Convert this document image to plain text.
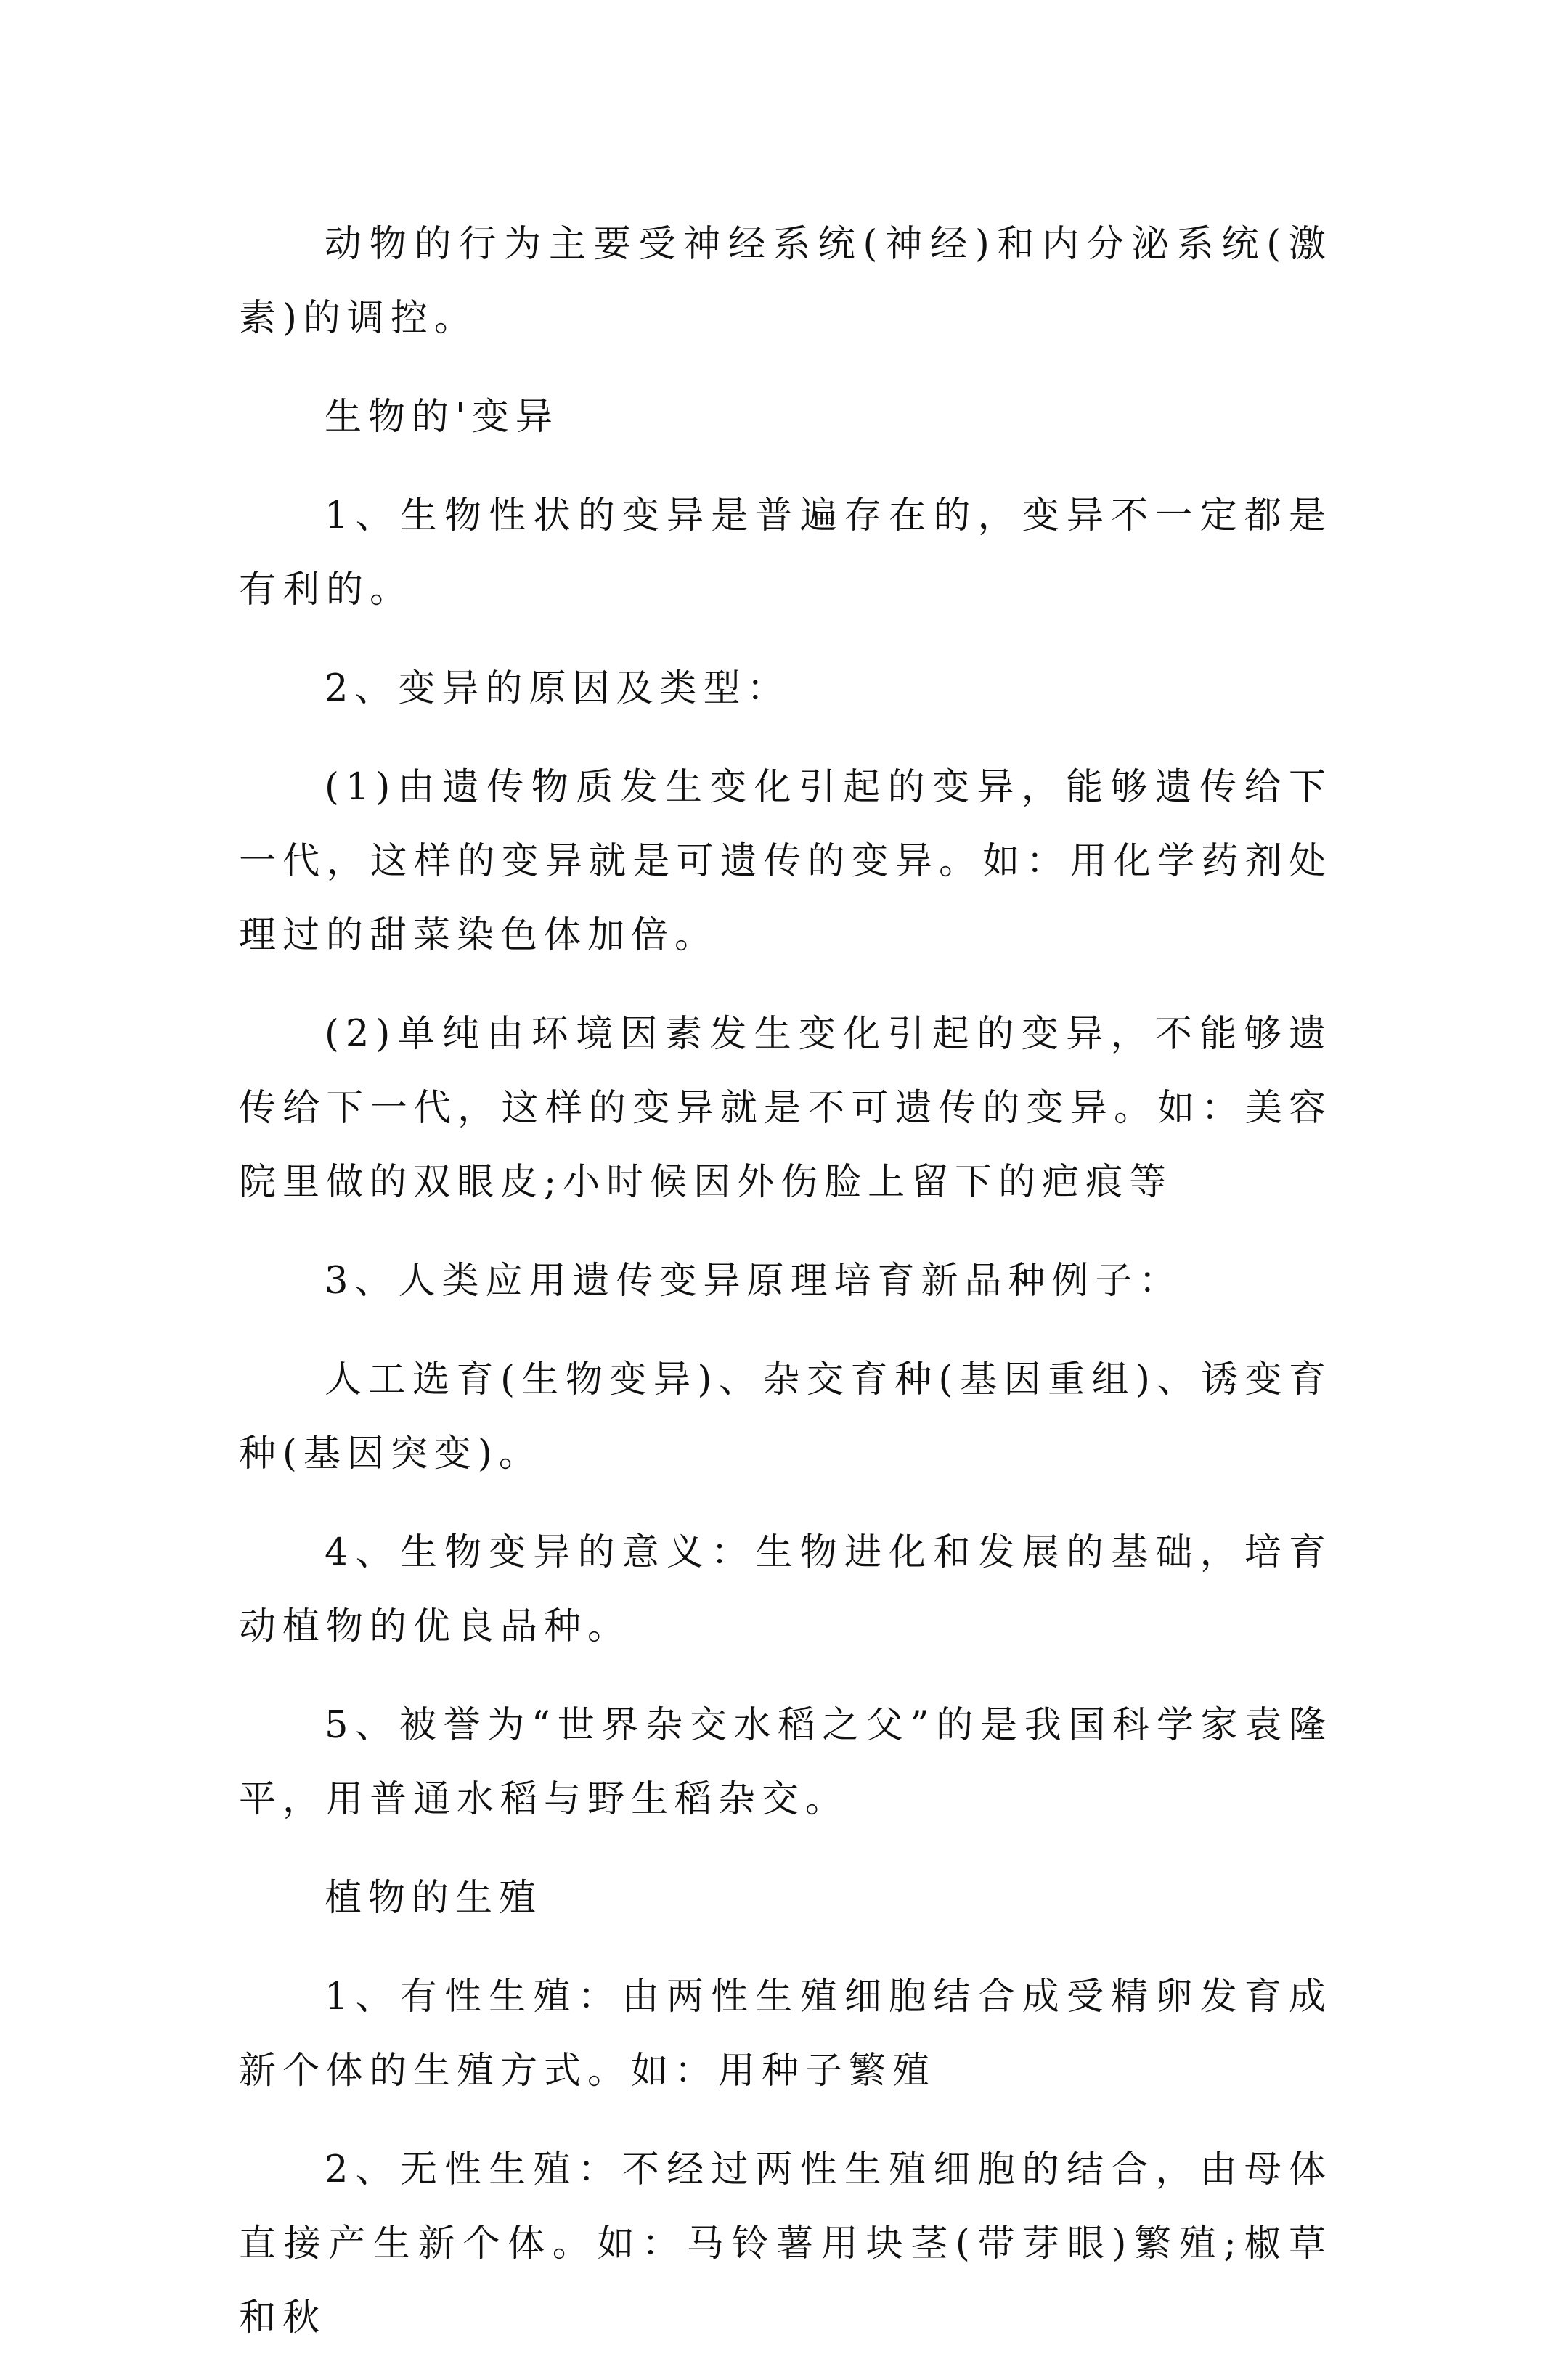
动物的行为主要受神经系统(神经)和内分泌系统(激素)的调控。

生物的'变异

1、生物性状的变异是普遍存在的，变异不一定都是有利的。

2、变异的原因及类型：

(1)由遗传物质发生变化引起的变异，能够遗传给下一代，这样的变异就是可遗传的变异。如：用化学药剂处理过的甜菜染色体加倍。

(2)单纯由环境因素发生变化引起的变异，不能够遗传给下一代，这样的变异就是不可遗传的变异。如：美容院里做的双眼皮;小时候因外伤脸上留下的疤痕等

3、人类应用遗传变异原理培育新品种例子：

人工选育(生物变异)、杂交育种(基因重组)、诱变育种(基因突变)。

4、生物变异的意义：生物进化和发展的基础，培育动植物的优良品种。

5、被誉为“世界杂交水稻之父”的是我国科学家袁隆平，用普通水稻与野生稻杂交。

植物的生殖

1、有性生殖：由两性生殖细胞结合成受精卵发育成新个体的生殖方式。如：用种子繁殖

2、无性生殖：不经过两性生殖细胞的结合，由母体直接产生新个体。如：马铃薯用块茎(带芽眼)繁殖;椒草和秋
